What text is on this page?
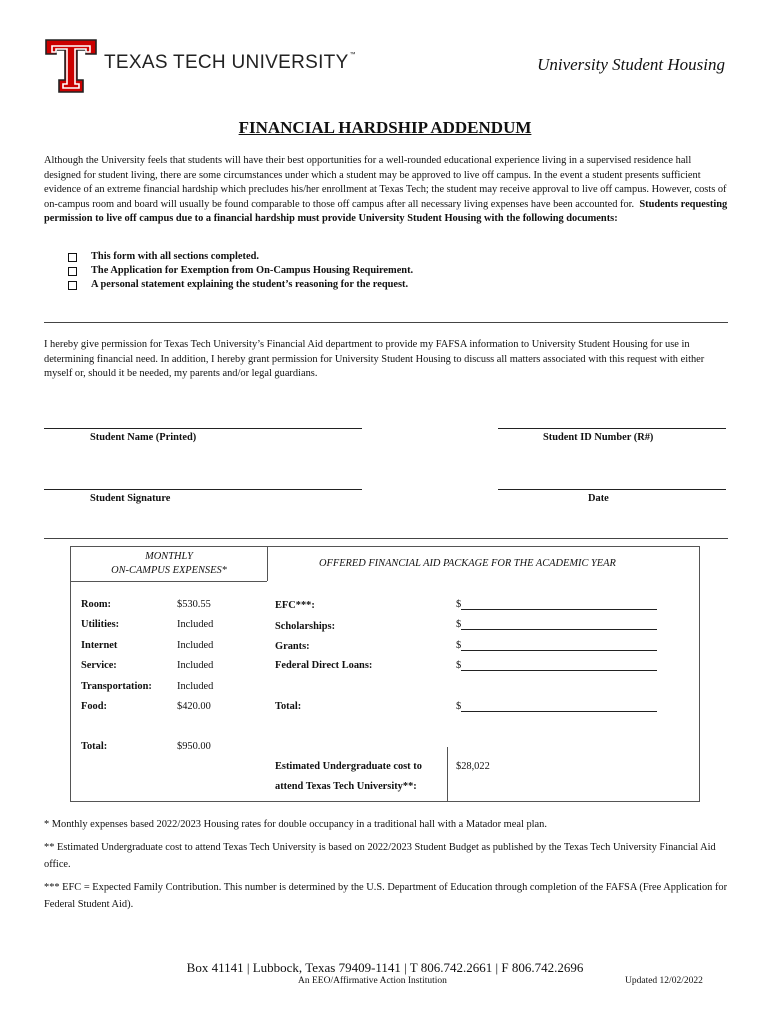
TEXAS TECH UNIVERSITY™	University Student Housing
FINANCIAL HARDSHIP ADDENDUM
Although the University feels that students will have their best opportunities for a well-rounded educational experience living in a supervised residence hall designed for student living, there are some circumstances under which a student may be approved to live off campus. In the event a student presents sufficient evidence of an extreme financial hardship which precludes his/her enrollment at Texas Tech; the student may receive approval to live off campus. However, costs of on-campus room and board will usually be found comparable to those off campus after all necessary living expenses have been accounted for. Students requesting permission to live off campus due to a financial hardship must provide University Student Housing with the following documents:
This form with all sections completed.
The Application for Exemption from On-Campus Housing Requirement.
A personal statement explaining the student’s reasoning for the request.
I hereby give permission for Texas Tech University’s Financial Aid department to provide my FAFSA information to University Student Housing for use in determining financial need. In addition, I hereby grant permission for University Student Housing to discuss all matters associated with this request with either myself or, should it be needed, my parents and/or legal guardians.
Student Name (Printed)	Student ID Number (R#)
Student Signature	Date
MONTHLY
ON-CAMPUS EXPENSES*
OFFERED FINANCIAL AID PACKAGE FOR THE ACADEMIC YEAR
Room:	$530.55
Utilities:	Included
Internet	Included
Service:	Included
Transportation: Included
Food:	$420.00
Total:	$950.00
EFC***:	$
Scholarships:	$
Grants:	$
Federal Direct Loans:	$
Total:	$
Estimated Undergraduate cost to
attend Texas Tech University**:
$28,022
* Monthly expenses based 2022/2023 Housing rates for double occupancy in a traditional hall with a Matador meal plan.
** Estimated Undergraduate cost to attend Texas Tech University is based on 2022/2023 Student Budget as published by the Texas Tech University Financial Aid office.
*** EFC = Expected Family Contribution. This number is determined by the U.S. Department of Education through completion of the FAFSA (Free Application for Federal Student Aid).
Box 41141 | Lubbock, Texas 79409-1141 | T 806.742.2661 | F 806.742.2696
An EEO/Affirmative Action Institution	Updated 12/02/2022
